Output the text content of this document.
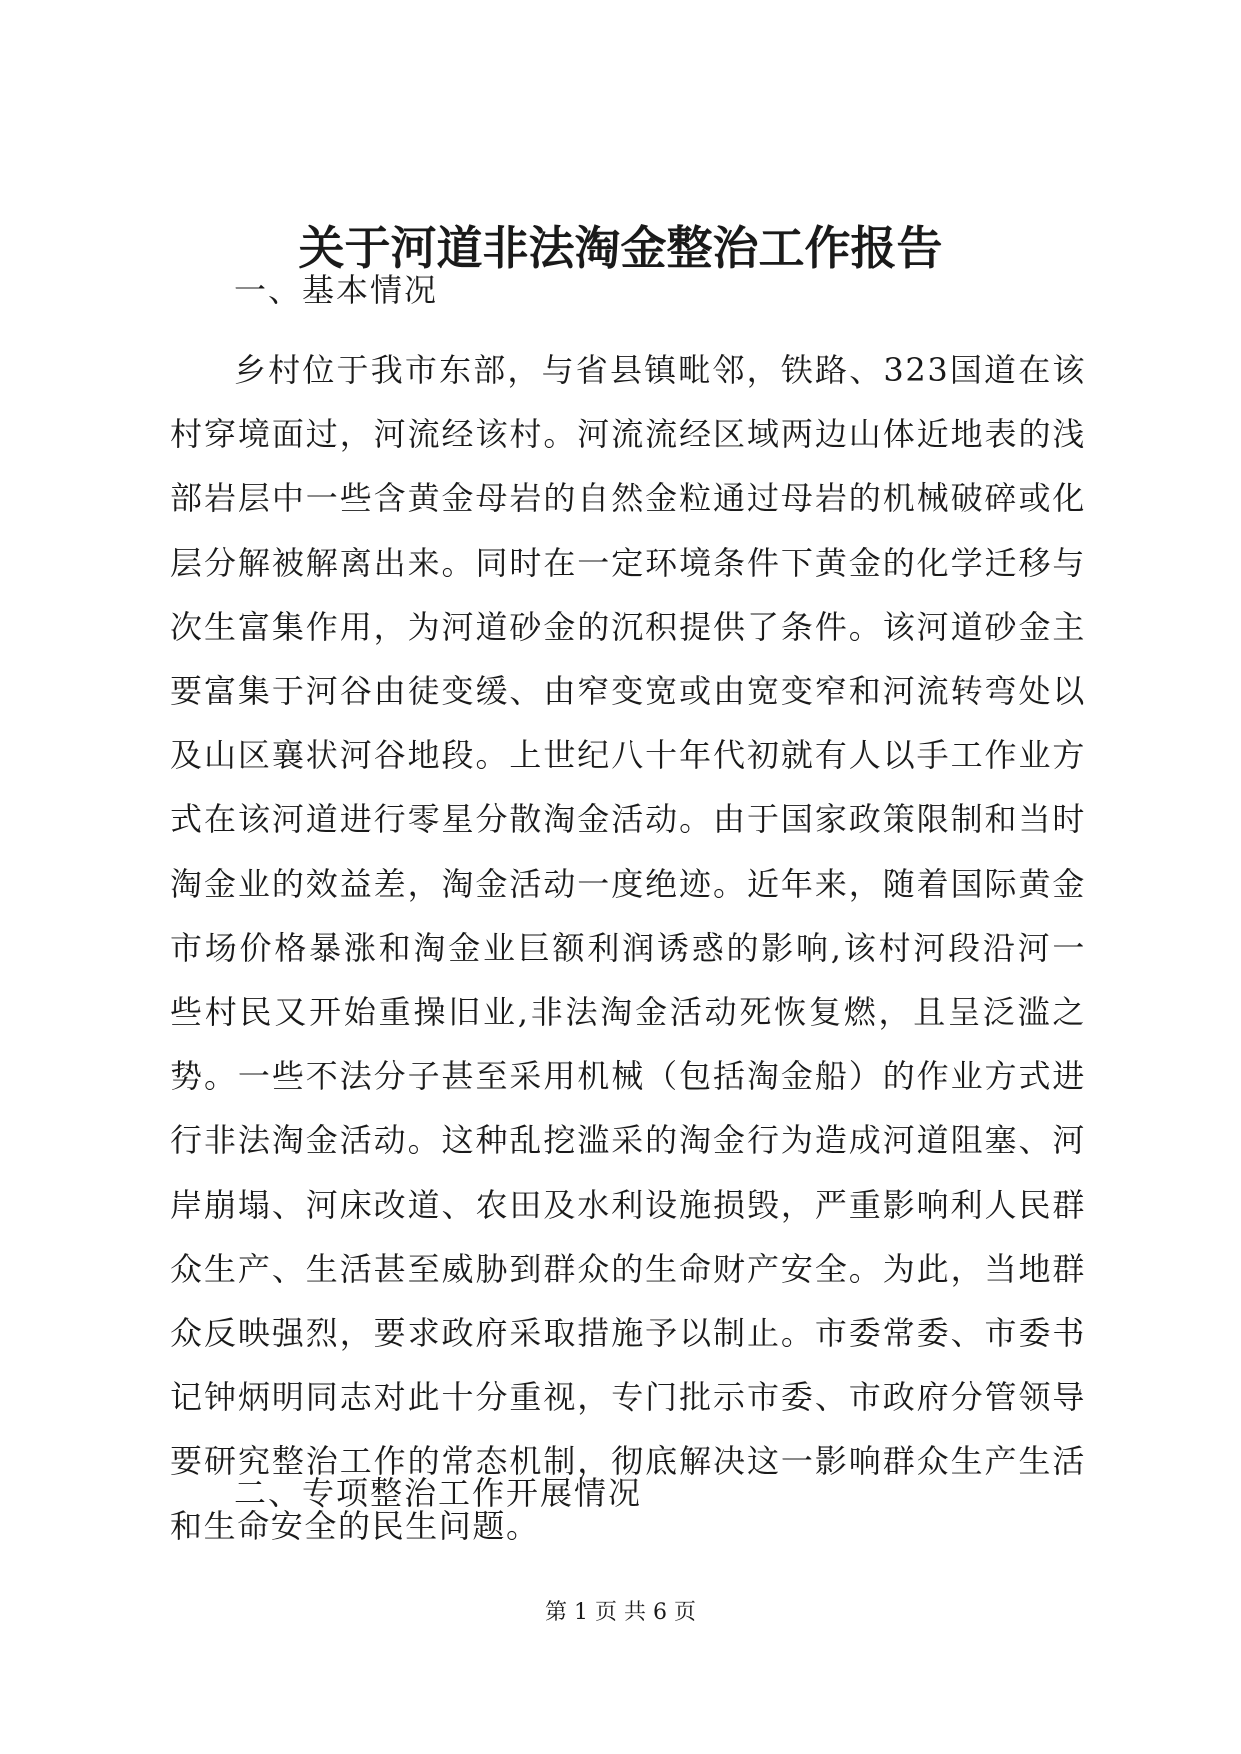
关于河道非法淘金整治工作报告

一、基本情况

乡村位于我市东部，与省县镇毗邻，铁路、323国道在该村穿境面过，河流经该村。河流流经区域两边山体近地表的浅部岩层中一些含黄金母岩的自然金粒通过母岩的机械破碎或化层分解被解离出来。同时在一定环境条件下黄金的化学迁移与次生富集作用，为河道砂金的沉积提供了条件。该河道砂金主要富集于河谷由徒变缓、由窄变宽或由宽变窄和河流转弯处以及山区襄状河谷地段。上世纪八十年代初就有人以手工作业方式在该河道进行零星分散淘金活动。由于国家政策限制和当时淘金业的效益差，淘金活动一度绝迹。近年来，随着国际黄金市场价格暴涨和淘金业巨额利润诱惑的影响,该村河段沿河一些村民又开始重操旧业,非法淘金活动死恢复燃，且呈泛滥之势。一些不法分子甚至采用机械（包括淘金船）的作业方式进行非法淘金活动。这种乱挖滥采的淘金行为造成河道阻塞、河岸崩塌、河床改道、农田及水利设施损毁，严重影响利人民群众生产、生活甚至威胁到群众的生命财产安全。为此，当地群众反映强烈，要求政府采取措施予以制止。市委常委、市委书记钟炳明同志对此十分重视，专门批示市委、市政府分管领导要研究整治工作的常态机制，彻底解决这一影响群众生产生活和生命安全的民生问题。

二、专项整治工作开展情况

第 1 页 共 6 页
